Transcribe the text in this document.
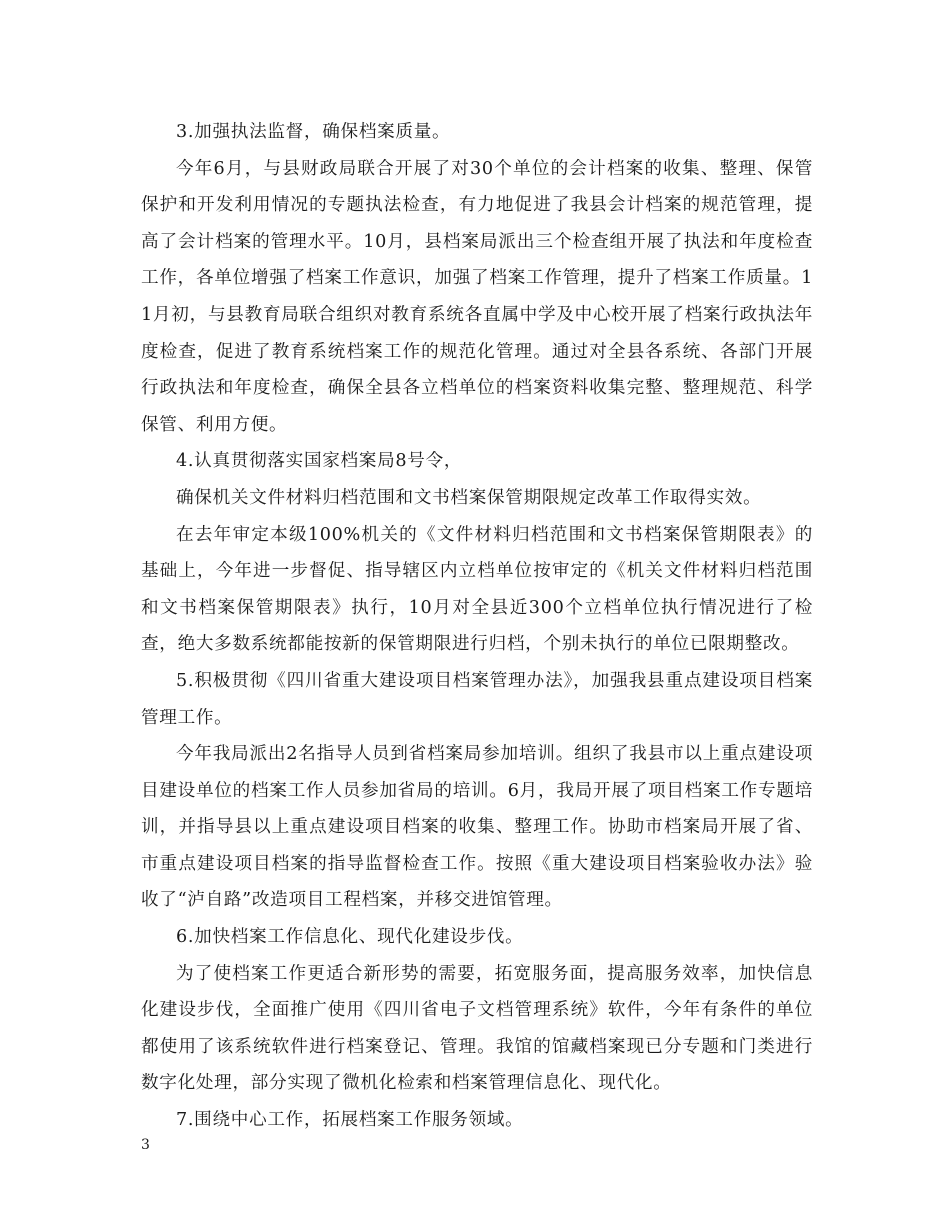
3.加强执法监督，确保档案质量。

今年6月，与县财政局联合开展了对30个单位的会计档案的收集、整理、保管保护和开发利用情况的专题执法检查，有力地促进了我县会计档案的规范管理，提高了会计档案的管理水平。10月，县档案局派出三个检查组开展了执法和年度检查工作，各单位增强了档案工作意识，加强了档案工作管理，提升了档案工作质量。11月初，与县教育局联合组织对教育系统各直属中学及中心校开展了档案行政执法年度检查，促进了教育系统档案工作的规范化管理。通过对全县各系统、各部门开展行政执法和年度检查，确保全县各立档单位的档案资料收集完整、整理规范、科学保管、利用方便。

4.认真贯彻落实国家档案局8号令，

确保机关文件材料归档范围和文书档案保管期限规定改革工作取得实效。

在去年审定本级100%机关的《文件材料归档范围和文书档案保管期限表》的基础上，今年进一步督促、指导辖区内立档单位按审定的《机关文件材料归档范围和文书档案保管期限表》执行，10月对全县近300个立档单位执行情况进行了检查，绝大多数系统都能按新的保管期限进行归档，个别未执行的单位已限期整改。

5.积极贯彻《四川省重大建设项目档案管理办法》，加强我县重点建设项目档案管理工作。

今年我局派出2名指导人员到省档案局参加培训。组织了我县市以上重点建设项目建设单位的档案工作人员参加省局的培训。6月，我局开展了项目档案工作专题培训，并指导县以上重点建设项目档案的收集、整理工作。协助市档案局开展了省、市重点建设项目档案的指导监督检查工作。按照《重大建设项目档案验收办法》验收了“泸自路”改造项目工程档案，并移交进馆管理。

6.加快档案工作信息化、现代化建设步伐。

为了使档案工作更适合新形势的需要，拓宽服务面，提高服务效率，加快信息化建设步伐，全面推广使用《四川省电子文档管理系统》软件，今年有条件的单位都使用了该系统软件进行档案登记、管理。我馆的馆藏档案现已分专题和门类进行数字化处理，部分实现了微机化检索和档案管理信息化、现代化。

7.围绕中心工作，拓展档案工作服务领域。

3
